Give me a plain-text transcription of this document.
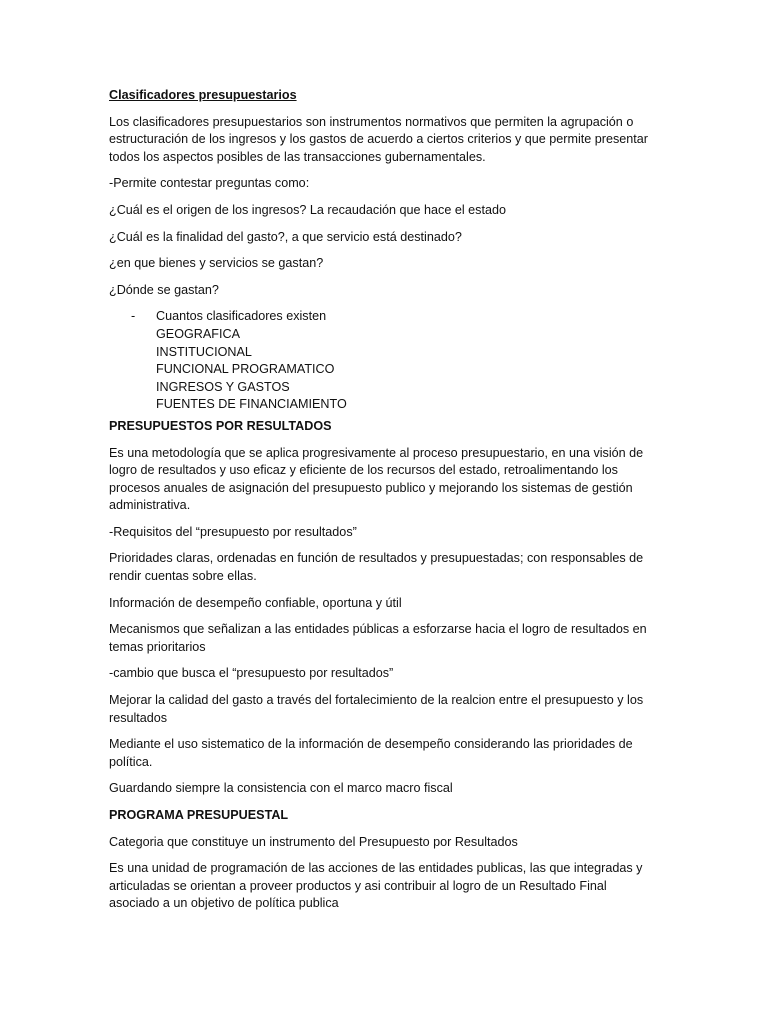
Clasificadores presupuestarios

Los clasificadores presupuestarios son instrumentos normativos que permiten la agrupación o estructuración de los ingresos y los gastos de acuerdo a ciertos criterios y que permite presentar todos los aspectos posibles de las transacciones gubernamentales.

-Permite contestar preguntas como:

¿Cuál es el origen de los ingresos? La recaudación que hace el estado

¿Cuál es la finalidad del gasto?, a que servicio está destinado?

¿en que bienes y servicios se gastan?

¿Dónde se gastan?

-	Cuantos clasificadores existen
GEOGRAFICA
INSTITUCIONAL
FUNCIONAL PROGRAMATICO
INGRESOS Y GASTOS
FUENTES DE FINANCIAMIENTO

PRESUPUESTOS POR RESULTADOS

Es una metodología que se aplica progresivamente al proceso presupuestario, en una visión de logro de resultados y uso eficaz y eficiente de los recursos del estado, retroalimentando los procesos anuales de asignación del presupuesto publico y mejorando los sistemas de gestión administrativa.

-Requisitos del “presupuesto por resultados”

Prioridades claras, ordenadas en función de resultados y presupuestadas; con responsables de rendir cuentas sobre ellas.

Información de desempeño confiable, oportuna y útil

Mecanismos que señalizan a las entidades públicas a esforzarse hacia el logro de resultados en temas prioritarios

-cambio que busca el “presupuesto por resultados”

Mejorar la calidad del gasto a través del fortalecimiento de la realcion entre el presupuesto y los resultados

Mediante el uso sistematico de la información de desempeño considerando las prioridades de política.

Guardando siempre la consistencia con el marco macro fiscal

PROGRAMA PRESUPUESTAL

Categoria que constituye un instrumento del Presupuesto por Resultados

Es una unidad de programación de las acciones de las entidades publicas, las que integradas y articuladas se orientan a proveer productos y asi contribuir al logro de un Resultado Final asociado a un objetivo de política publica
